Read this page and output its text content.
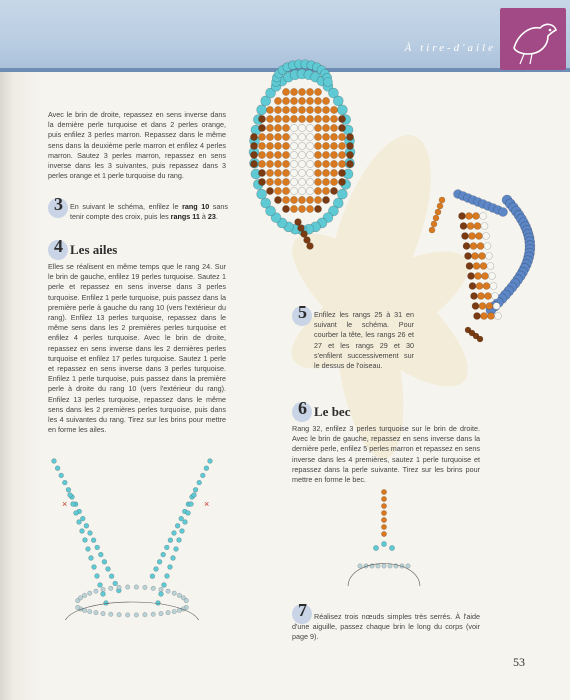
À tire-d'aile
Avec le brin de droite, repassez en sens inverse dans la dernière perle turquoise et dans 2 perles orange, puis enfilez 3 perles marron. Repassez dans le même sens dans la deuxième perle marron et enfilez 4 perles marron. Sautez 3 perles marron, repassez en sens inverse dans les 3 suivantes, puis repassez dans 3 perles orange et 1 perle turquoise du rang.
3 En suivant le schéma, enfilez le rang 10 sans tenir compte des croix, puis les rangs 11 à 23.
4 Les ailes
Elles se réalisent en même temps que le rang 24. Sur le brin de gauche, enfilez 19 perles turquoise. Sautez 1 perle et repassez en sens inverse dans 3 perles turquoise. Enfilez 1 perle turquoise, puis passez dans la première perle à gauche du rang 10 (vers l'extérieur du rang). Enfilez 13 perles turquoise, repassez dans le même sens dans les 2 premières perles turquoise et enfilez 4 perles turquoise. Avec le brin de droite, repassez en sens inverse dans les 2 dernières perles turquoise et enfilez 17 perles turquoise. Sautez 1 perle et repassez en sens inverse dans 3 perles turquoise. Enfilez 1 perle turquoise, puis passez dans la première perle à droite du rang 10 (vers l'extérieur du rang). Enfilez 13 perles turquoise, repassez dans le même sens dans les 2 premières perles turquoise, puis dans les 4 suivantes du rang. Tirez sur les brins pour mettre en forme les ailes.
×	×
5 Enfilez les rangs 25 à 31 en suivant le schéma. Pour courber la tête, les rangs 26 et 27 et les rangs 29 et 30 s'enfilent successivement sur le dessus de l'oiseau.
6 Le bec
Rang 32, enfilez 3 perles turquoise sur le brin de droite. Avec le brin de gauche, repassez en sens inverse dans la dernière perle, enfilez 5 perles marron et repassez en sens inverse dans les 4 premières, sautez 1 perle turquoise et repassez dans la perle suivante. Tirez sur les brins pour mettre en forme le bec.
7 Réalisez trois nœuds simples très serrés. À l'aide d'une aiguille, passez chaque brin le long du corps (voir page 9).
53
